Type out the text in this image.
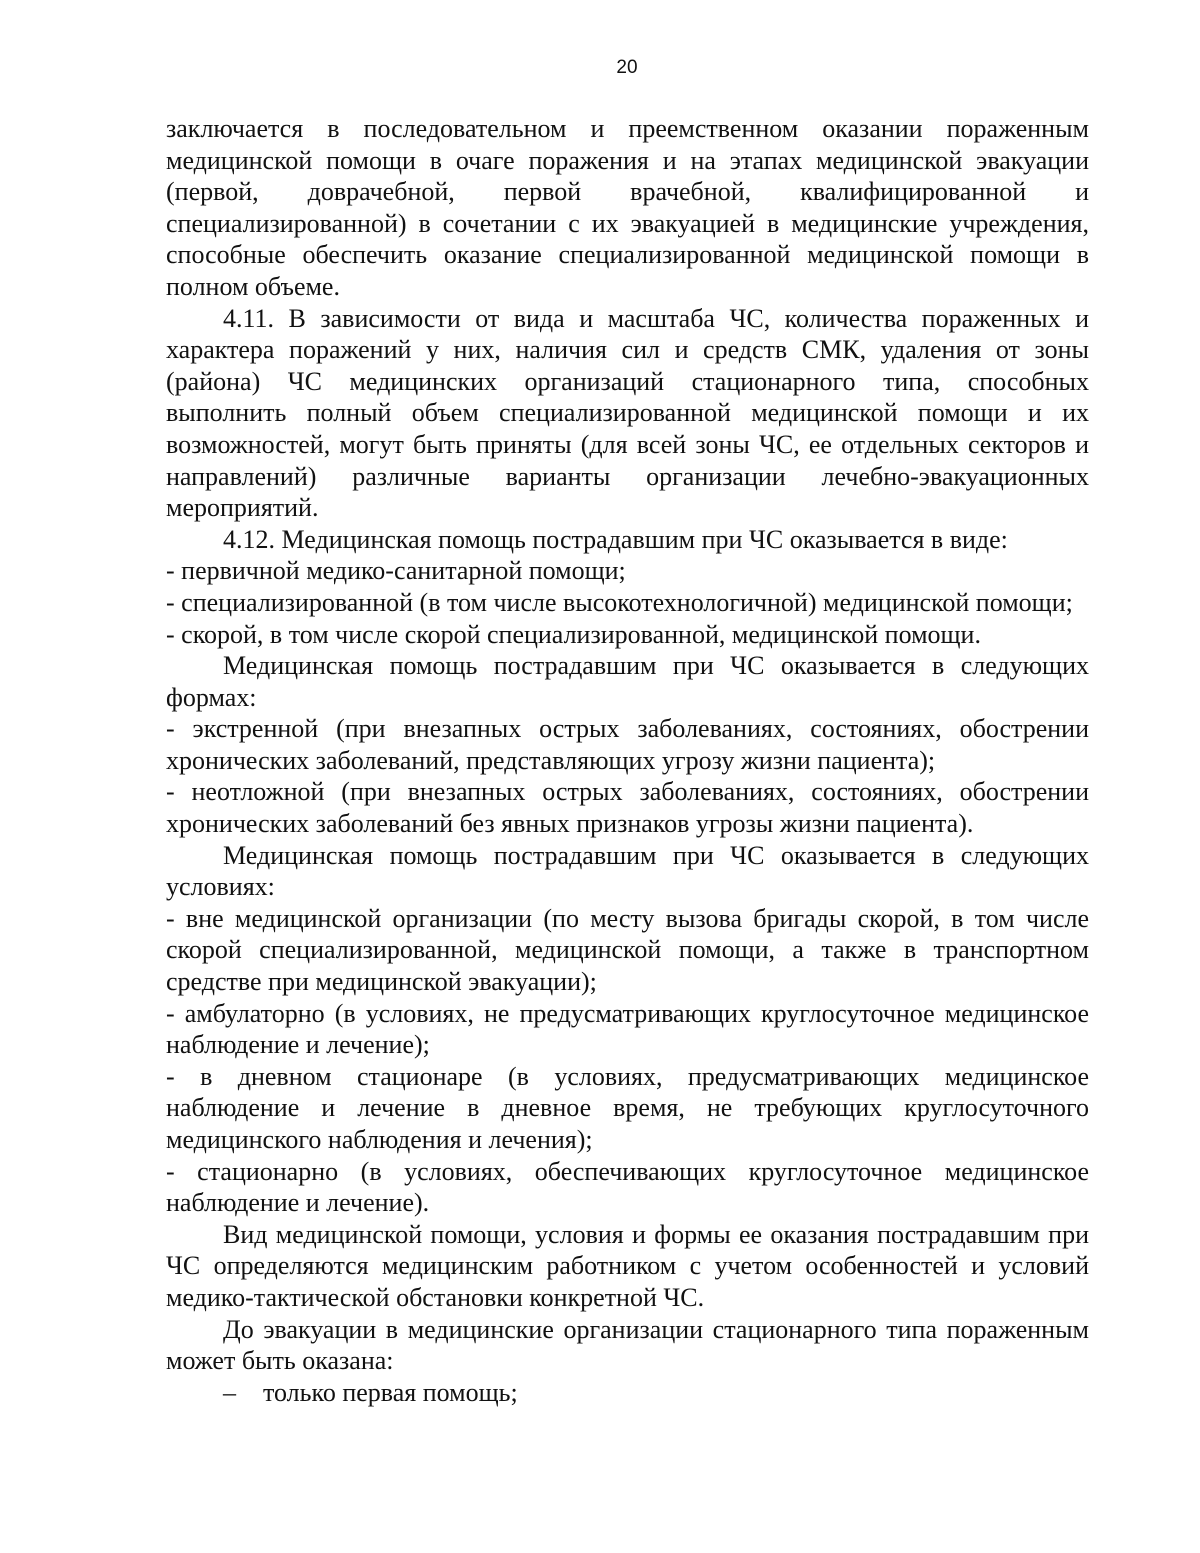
20

заключается в последовательном и преемственном оказании пораженным медицинской помощи в очаге поражения и на этапах медицинской эвакуации (первой, доврачебной, первой врачебной, квалифицированной и специализированной) в сочетании с их эвакуацией в медицинские учреждения, способные обеспечить оказание специализированной медицинской помощи в полном объеме.

4.11. В зависимости от вида и масштаба ЧС, количества пораженных и характера поражений у них, наличия сил и средств СМК, удаления от зоны (района) ЧС медицинских организаций стационарного типа, способных выполнить полный объем специализированной медицинской помощи и их возможностей, могут быть приняты (для всей зоны ЧС, ее отдельных секторов и направлений) различные варианты организации лечебно-эвакуационных мероприятий.

4.12. Медицинская помощь пострадавшим при ЧС оказывается в виде:

- первичной медико-санитарной помощи;

- специализированной (в том числе высокотехнологичной) медицинской помощи;

- скорой, в том числе скорой специализированной, медицинской помощи.

Медицинская помощь пострадавшим при ЧС оказывается в следующих формах:

- экстренной (при внезапных острых заболеваниях, состояниях, обострении хронических заболеваний, представляющих угрозу жизни пациента);

- неотложной (при внезапных острых заболеваниях, состояниях, обострении хронических заболеваний без явных признаков угрозы жизни пациента).

Медицинская помощь пострадавшим при ЧС оказывается в следующих условиях:

- вне медицинской организации (по месту вызова бригады скорой, в том числе скорой специализированной, медицинской помощи, а также в транспортном средстве при медицинской эвакуации);

- амбулаторно (в условиях, не предусматривающих круглосуточное медицинское наблюдение и лечение);

- в дневном стационаре (в условиях, предусматривающих медицинское наблюдение и лечение в дневное время, не требующих круглосуточного медицинского наблюдения и лечения);

- стационарно (в условиях, обеспечивающих круглосуточное медицинское наблюдение и лечение).

Вид медицинской помощи, условия и формы ее оказания пострадавшим при ЧС определяются медицинским работником с учетом особенностей и условий медико-тактической обстановки конкретной ЧС.

До эвакуации в медицинские организации стационарного типа пораженным может быть оказана:

– только первая помощь;
